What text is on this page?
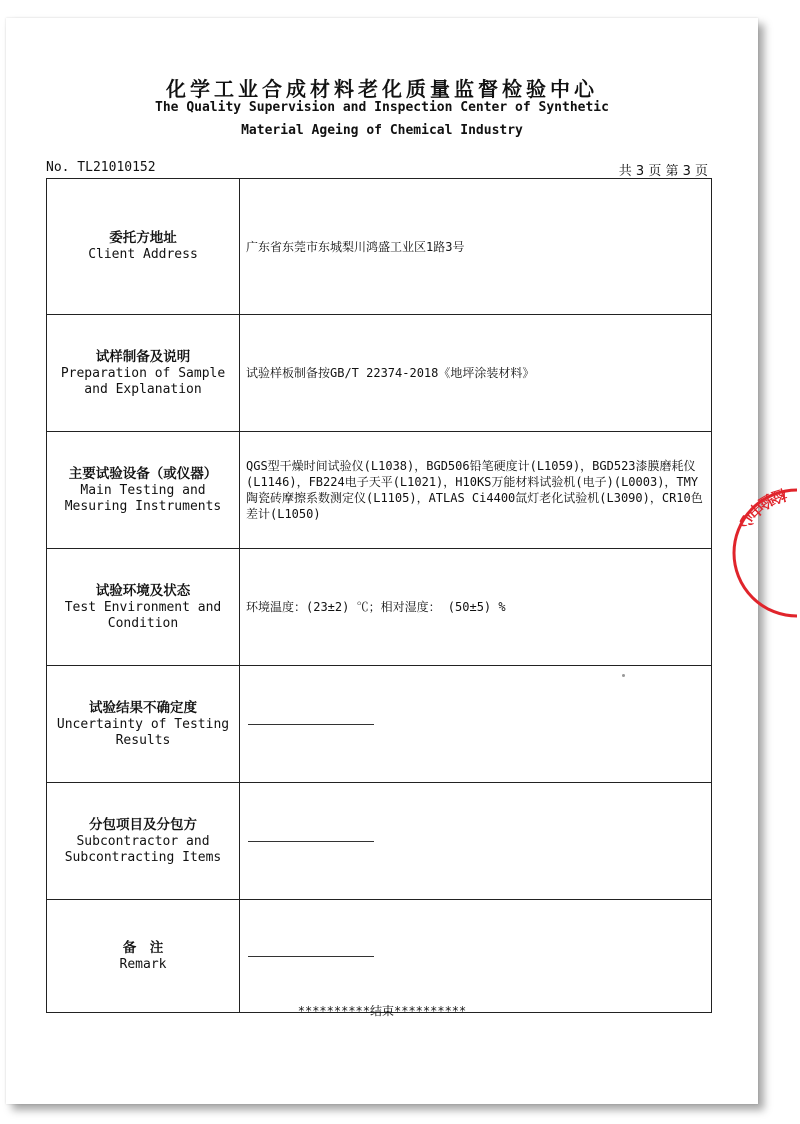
化学工业合成材料老化质量监督检验中心
The Quality Supervision and Inspection Center of Synthetic
Material Ageing of Chemical Industry
No. TL21010152	共 3 页 第 3 页
委托方地址
Client Address	广东省东莞市东城梨川鸿盛工业区1路3号

试样制备及说明
Preparation of Sample
and Explanation	试验样板制备按GB/T 22374-2018《地坪涂装材料》

主要试验设备（或仪器）
Main Testing and
Mesuring Instruments	QGS型干燥时间试验仪(L1038)，BGD506铅笔硬度计(L1059)，BGD523漆膜磨耗仪(L1146)，FB224电子天平(L1021)，H10KS万能材料试验机(电子)(L0003)，TMY陶瓷砖摩擦系数测定仪(L1105)，ATLAS Ci4400氙灯老化试验机(L3090)，CR10色差计(L1050)

试验环境及状态
Test Environment and
Condition	环境温度：(23±2) ℃；相对湿度： (50±5) %

试验结果不确定度
Uncertainty of Testing
Results	

分包项目及分包方
Subcontractor and
Subcontracting Items	

备　注
Remark	

**********结束**********
检验中心
